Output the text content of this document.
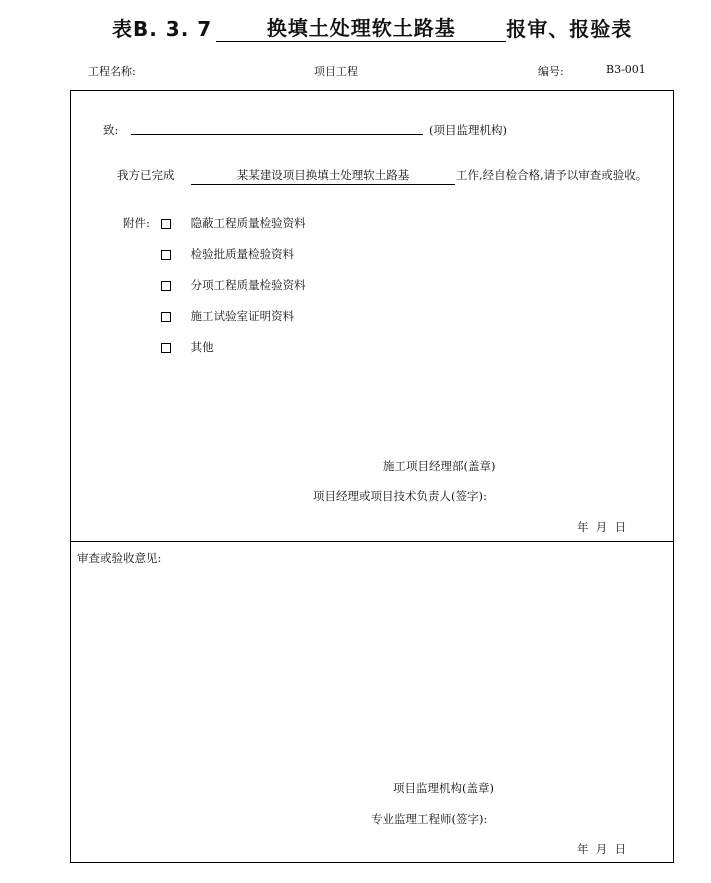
表B. 3. 7	换填土处理软土路基	报审、报验表
工程名称:	项目工程	编号:	B3-001
致:	(项目监理机构)
我方已完成	某某建设项目换填土处理软土路基	工作,经自检合格,请予以审查或验收。
附件:	隐蔽工程质量检验资料
检验批质量检验资料
分项工程质量检验资料
施工试验室证明资料
其他
施工项目经理部(盖章)
项目经理或项目技术负责人(签字):
年  月  日
审查或验收意见:
项目监理机构(盖章)
专业监理工程师(签字):
年  月  日
